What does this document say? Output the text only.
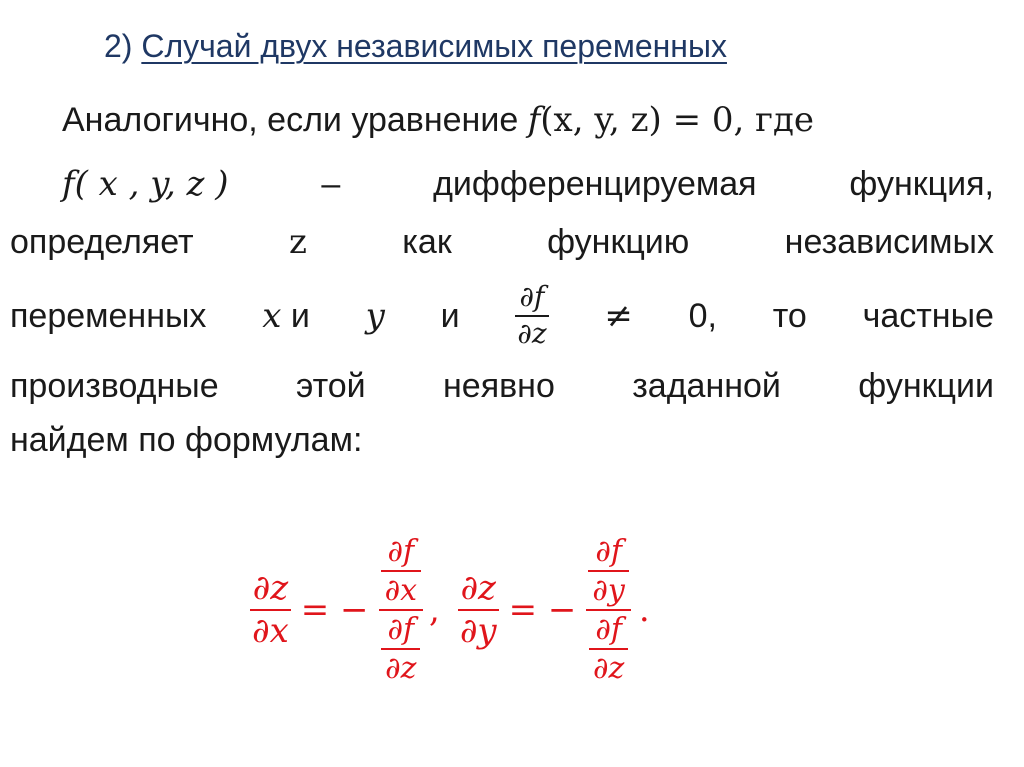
2) Случай двух независимых переменных
Аналогично, если уравнение f(x, y, z) = 0, где
f( x , y, z )	–	дифференцируемая	функция,
определяет	z	как	функцию	независимых
переменных x и y и $\frac{\partial f}{\partial z} \ne 0$, то частные
производные этой неявно заданной функции
найдем по формулам:
$\frac{\partial z}{\partial x}$ = − $\frac{\frac{\partial f}{\partial x}}{\frac{\partial f}{\partial z}}$ , $\frac{\partial z}{\partial y}$ = − $\frac{\frac{\partial f}{\partial y}}{\frac{\partial f}{\partial z}}$ .
